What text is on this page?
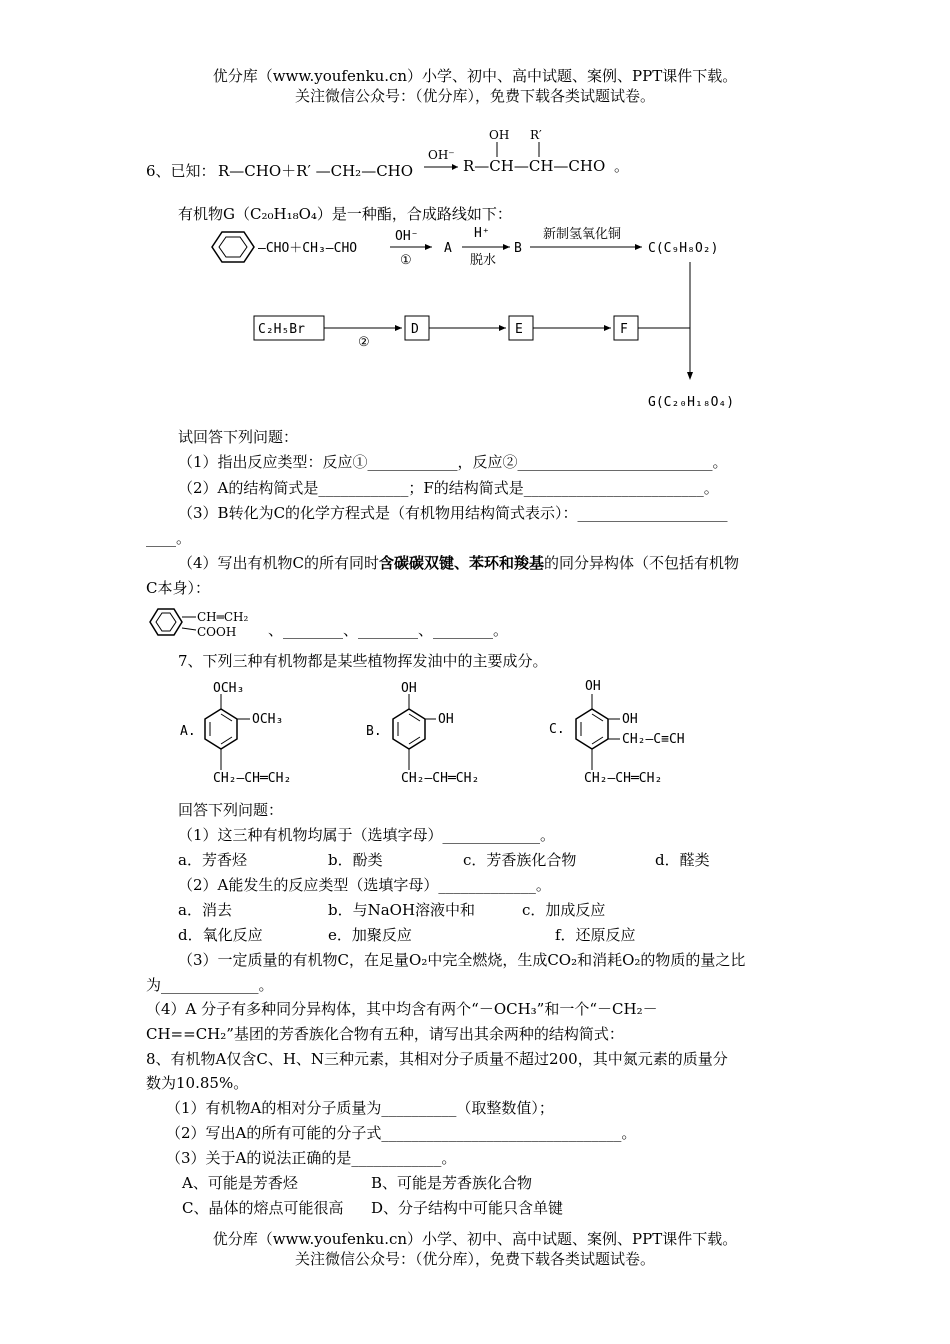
优分库（www.youfenku.cn）小学、初中、高中试题、案例、PPT课件下载。
关注微信公众号：（优分库），免费下载各类试题试卷。
6、已知： R—CHO＋R′ —CH₂—CHO
OH⁻
OH R′
R—CH—CH—CHO 。
有机物G（C₂₀H₁₈O₄）是一种酯，合成路线如下：
—CHO＋CH₃—CHO
OH⁻
①
A
H⁺
脱水
B
新制氢氧化铜
C(C₉H₈O₂)
C₂H₅Br
②
D	E	F
G(C₂₀H₁₈O₄)
试回答下列问题：
（1）指出反应类型：反应①____________，反应②__________________________。
（2）A的结构简式是____________；F的结构简式是________________________。
（3）B转化为C的化学方程式是（有机物用结构简式表示）：____________________
____。
（4）写出有机物C的所有同时含碳碳双键、苯环和羧基的同分异构体（不包括有机物
C本身）：
CH═CH₂
COOH 、________、________、________。
7、下列三种有机物都是某些植物挥发油中的主要成分。
A.
OCH₃
OCH₃
CH₂—CH═CH₂
B.
OH
OH
CH₂—CH═CH₂
C.
OH
OH
CH₂—C≡CH
CH₂—CH═CH₂
回答下列问题：
（1）这三种有机物均属于（选填字母）_____________。
a．芳香烃	b．酚类	c．芳香族化合物	d．醛类
（2）A能发生的反应类型（选填字母）_____________。
a．消去	b．与NaOH溶液中和	c．加成反应
d．氧化反应	e．加聚反应	f．还原反应
（3）一定质量的有机物C，在足量O₂中完全燃烧，生成CO₂和消耗O₂的物质的量之比
为_____________。
（4）A 分子有多种同分异构体，其中均含有两个“－OCH₃”和一个“－CH₂－
CH==CH₂”基团的芳香族化合物有五种，请写出其余两种的结构简式：
8、有机物A仅含C、H、N三种元素，其相对分子质量不超过200，其中氮元素的质量分
数为10.85%。
（1）有机物A的相对分子质量为__________（取整数值）；
（2）写出A的所有可能的分子式________________________________。
（3）关于A的说法正确的是____________。
A、可能是芳香烃	B、可能是芳香族化合物
C、晶体的熔点可能很高 D、分子结构中可能只含单键
优分库（www.youfenku.cn）小学、初中、高中试题、案例、PPT课件下载。
关注微信公众号：（优分库），免费下载各类试题试卷。
